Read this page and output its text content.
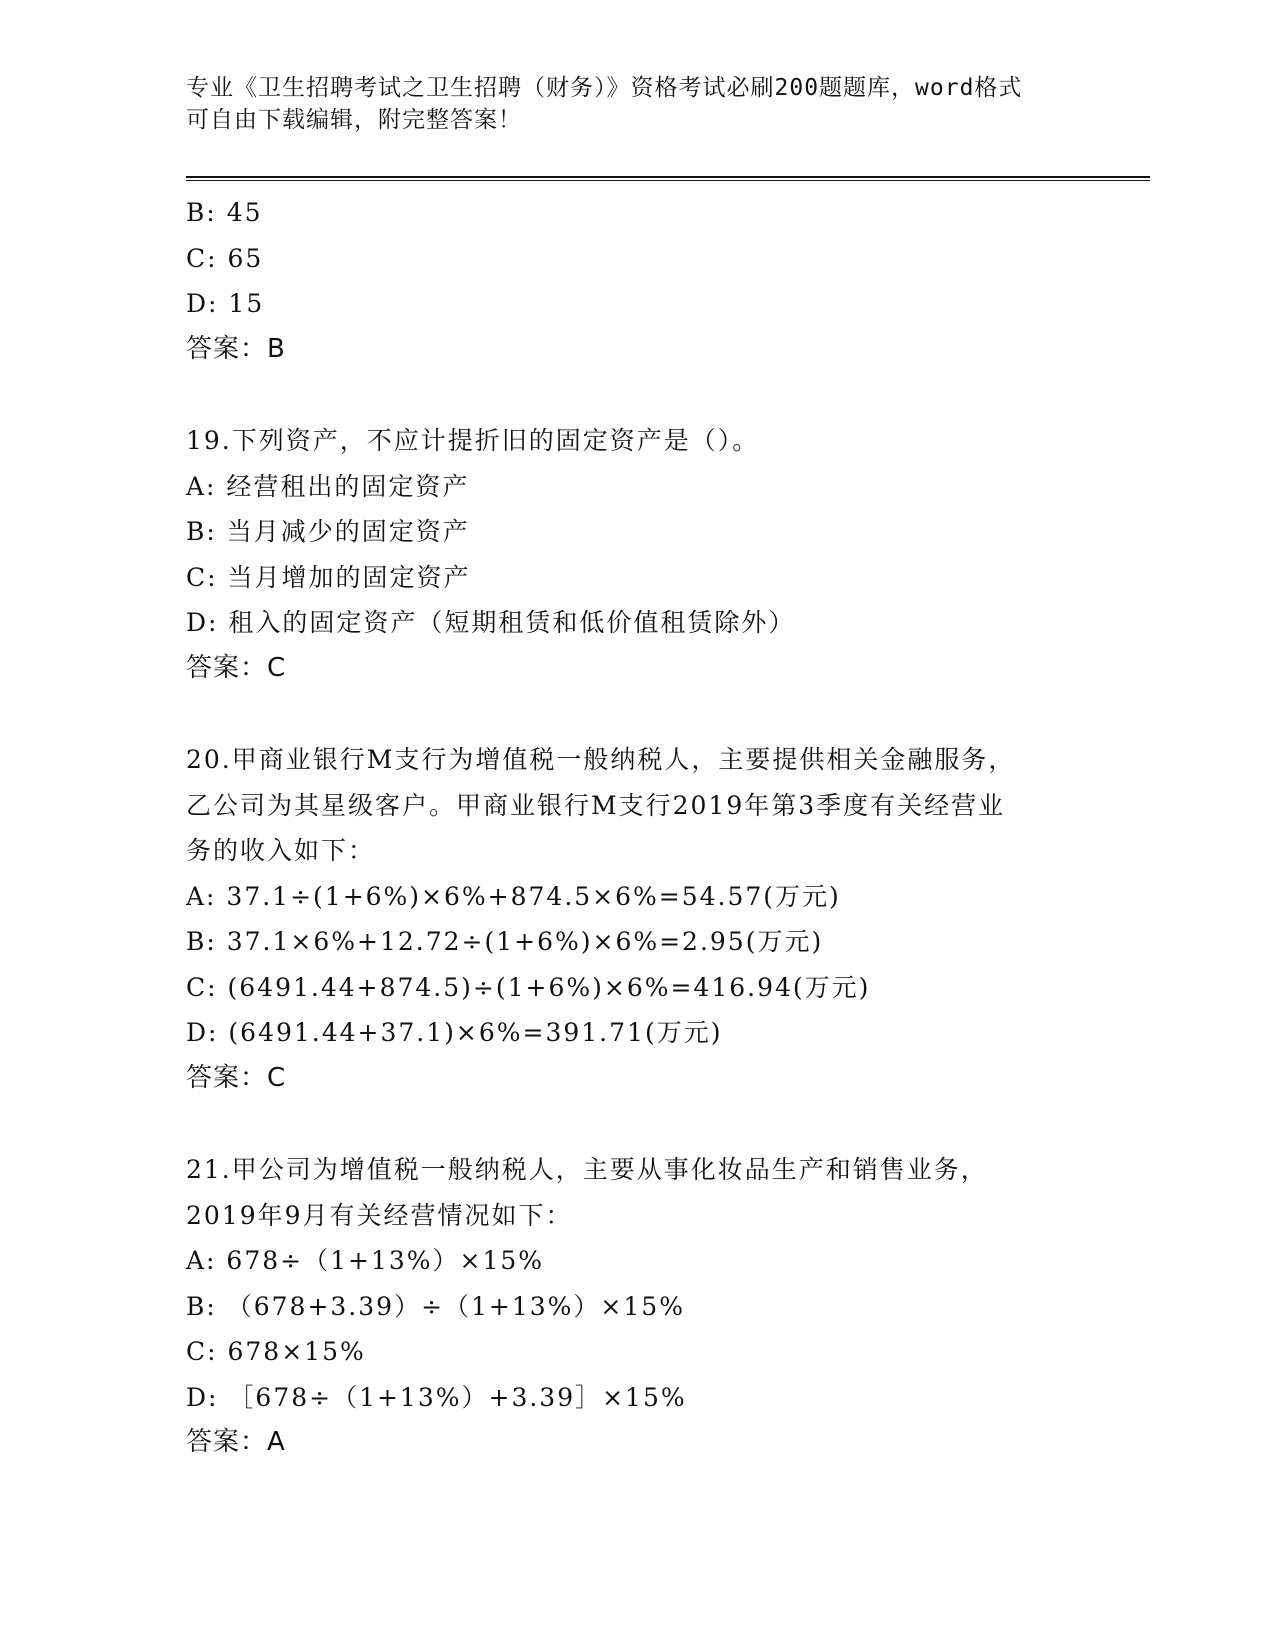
专业《卫生招聘考试之卫生招聘（财务）》资格考试必刷200题题库，word格式
可自由下载编辑，附完整答案！
B: 45
C: 65
D: 15
答案：B
19.下列资产，不应计提折旧的固定资产是（）。
A: 经营租出的固定资产
B: 当月减少的固定资产
C: 当月增加的固定资产
D: 租入的固定资产（短期租赁和低价值租赁除外）
答案：C
20.甲商业银行M支行为增值税一般纳税人，主要提供相关金融服务，
乙公司为其星级客户。甲商业银行M支行2019年第3季度有关经营业
务的收入如下：
A: 37.1÷(1+6%)×6%+874.5×6%=54.57(万元)
B: 37.1×6%+12.72÷(1+6%)×6%=2.95(万元)
C: (6491.44+874.5)÷(1+6%)×6%=416.94(万元)
D: (6491.44+37.1)×6%=391.71(万元)
答案：C
21.甲公司为增值税一般纳税人，主要从事化妆品生产和销售业务，
2019年9月有关经营情况如下：
A: 678÷（1+13%）×15%
B: （678+3.39）÷（1+13%）×15%
C: 678×15%
D: ［678÷（1+13%）+3.39］×15%
答案：A
